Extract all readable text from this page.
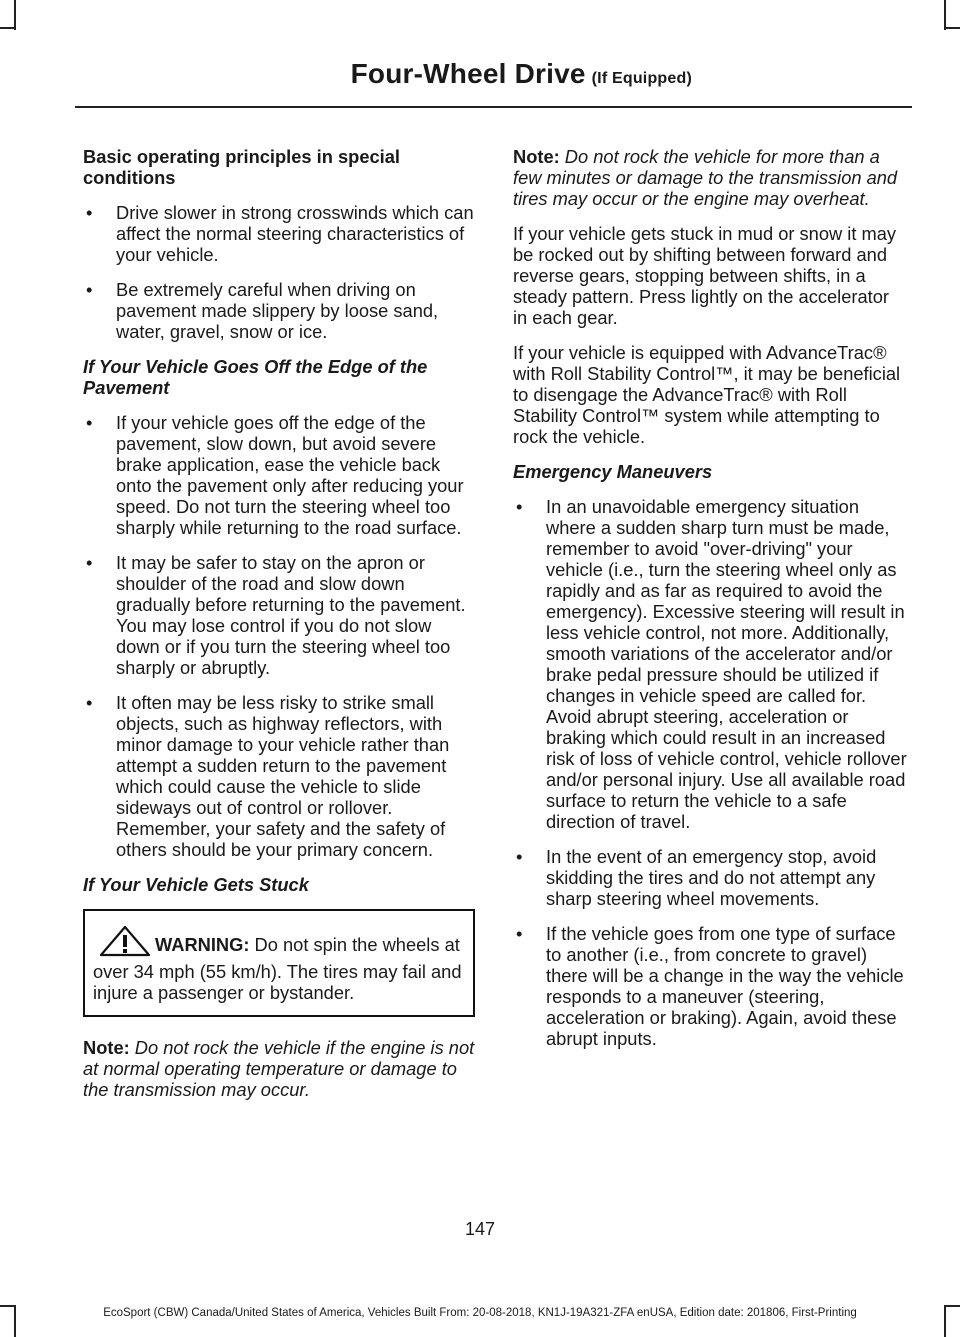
Four-Wheel Drive (If Equipped)
Basic operating principles in special conditions
• Drive slower in strong crosswinds which can affect the normal steering characteristics of your vehicle.
• Be extremely careful when driving on pavement made slippery by loose sand, water, gravel, snow or ice.
If Your Vehicle Goes Off the Edge of the Pavement
• If your vehicle goes off the edge of the pavement, slow down, but avoid severe brake application, ease the vehicle back onto the pavement only after reducing your speed. Do not turn the steering wheel too sharply while returning to the road surface.
• It may be safer to stay on the apron or shoulder of the road and slow down gradually before returning to the pavement. You may lose control if you do not slow down or if you turn the steering wheel too sharply or abruptly.
• It often may be less risky to strike small objects, such as highway reflectors, with minor damage to your vehicle rather than attempt a sudden return to the pavement which could cause the vehicle to slide sideways out of control or rollover. Remember, your safety and the safety of others should be your primary concern.
If Your Vehicle Gets Stuck
WARNING: Do not spin the wheels at over 34 mph (55 km/h). The tires may fail and injure a passenger or bystander.

Note: Do not rock the vehicle if the engine is not at normal operating temperature or damage to the transmission may occur.

Note: Do not rock the vehicle for more than a few minutes or damage to the transmission and tires may occur or the engine may overheat.

If your vehicle gets stuck in mud or snow it may be rocked out by shifting between forward and reverse gears, stopping between shifts, in a steady pattern. Press lightly on the accelerator in each gear.

If your vehicle is equipped with AdvanceTrac® with Roll Stability Control™, it may be beneficial to disengage the AdvanceTrac® with Roll Stability Control™ system while attempting to rock the vehicle.

Emergency Maneuvers
• In an unavoidable emergency situation where a sudden sharp turn must be made, remember to avoid "over-driving" your vehicle (i.e., turn the steering wheel only as rapidly and as far as required to avoid the emergency). Excessive steering will result in less vehicle control, not more. Additionally, smooth variations of the accelerator and/or brake pedal pressure should be utilized if changes in vehicle speed are called for. Avoid abrupt steering, acceleration or braking which could result in an increased risk of loss of vehicle control, vehicle rollover and/or personal injury. Use all available road surface to return the vehicle to a safe direction of travel.
• In the event of an emergency stop, avoid skidding the tires and do not attempt any sharp steering wheel movements.
• If the vehicle goes from one type of surface to another (i.e., from concrete to gravel) there will be a change in the way the vehicle responds to a maneuver (steering, acceleration or braking). Again, avoid these abrupt inputs.
147
EcoSport (CBW) Canada/United States of America, Vehicles Built From: 20-08-2018, KN1J-19A321-ZFA enUSA, Edition date: 201806, First-Printing
